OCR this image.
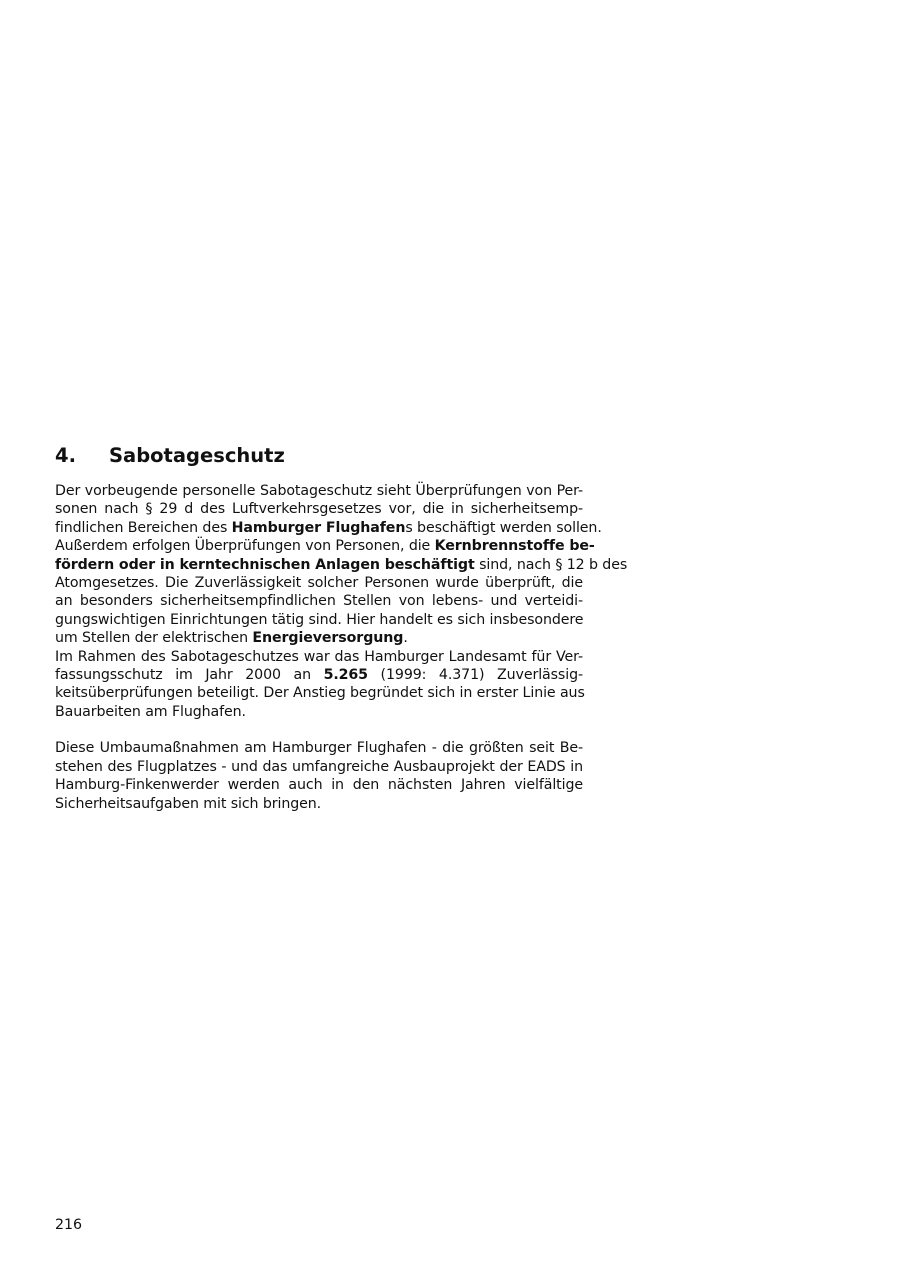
4. Sabotageschutz
Der vorbeugende personelle Sabotageschutz sieht Überprüfungen von Per-
sonen nach § 29 d des Luftverkehrsgesetzes vor, die in sicherheitsemp-
findlichen Bereichen des Hamburger Flughafens beschäftigt werden sollen.
Außerdem erfolgen Überprüfungen von Personen, die Kernbrennstoffe be-
fördern oder in kerntechnischen Anlagen beschäftigt sind, nach § 12 b des
Atomgesetzes. Die Zuverlässigkeit solcher Personen wurde überprüft, die
an besonders sicherheitsempfindlichen Stellen von lebens- und verteidi-
gungswichtigen Einrichtungen tätig sind. Hier handelt es sich insbesondere
um Stellen der elektrischen Energieversorgung.
Im Rahmen des Sabotageschutzes war das Hamburger Landesamt für Ver-
fassungsschutz im Jahr 2000 an 5.265 (1999: 4.371) Zuverlässig-
keitsüberprüfungen beteiligt. Der Anstieg begründet sich in erster Linie aus
Bauarbeiten am Flughafen.
Diese Umbaumaßnahmen am Hamburger Flughafen - die größten seit Be-
stehen des Flugplatzes - und das umfangreiche Ausbauprojekt der EADS in
Hamburg-Finkenwerder werden auch in den nächsten Jahren vielfältige
Sicherheitsaufgaben mit sich bringen.
216
